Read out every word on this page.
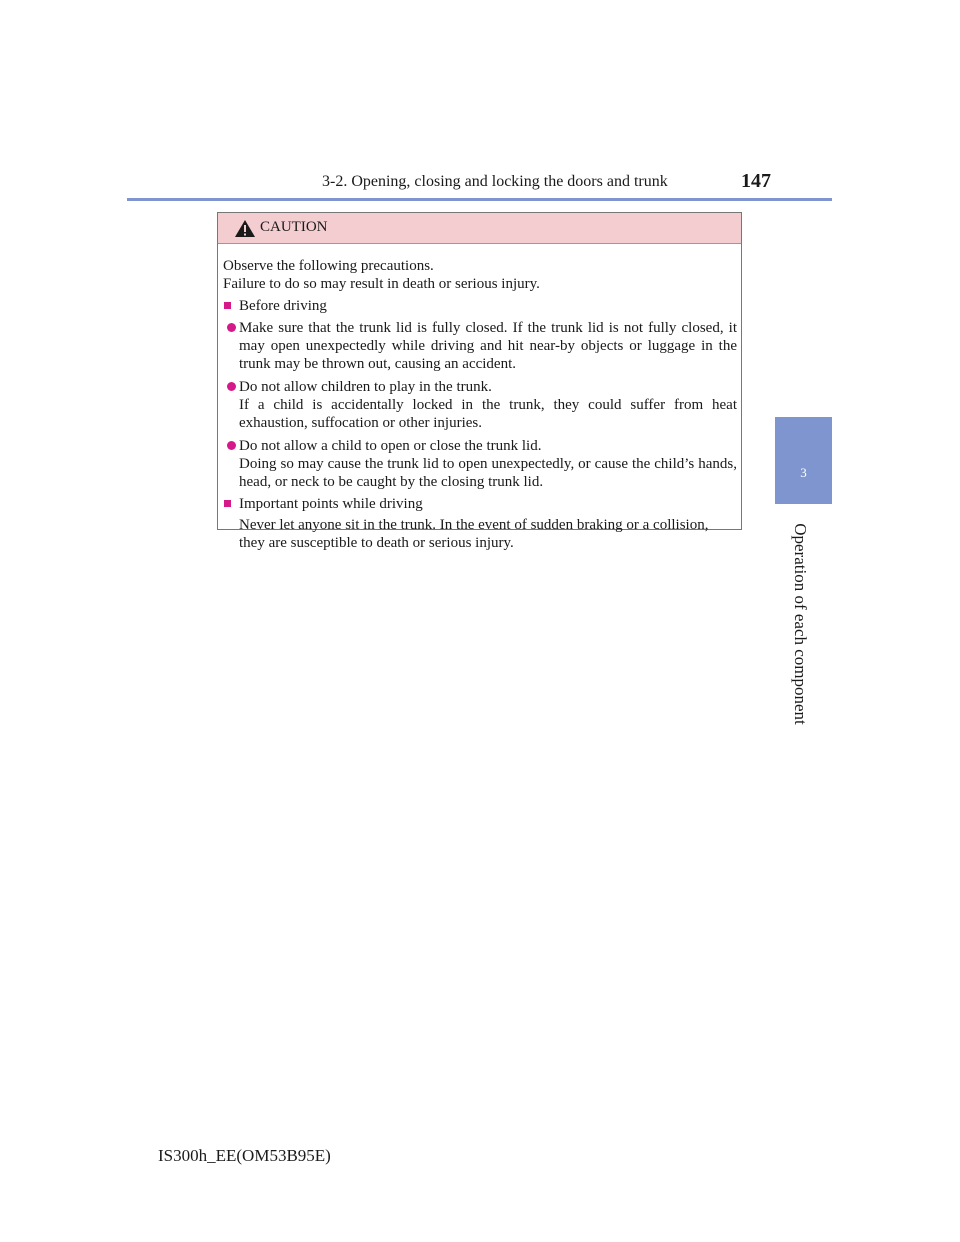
3-2. Opening, closing and locking the doors and trunk	147
3
Operation of each component
CAUTION
Observe the following precautions.
Failure to do so may result in death or serious injury.
Before driving

Make sure that the trunk lid is fully closed. If the trunk lid is not fully closed, it may open unexpectedly while driving and hit near-by objects or luggage in the trunk may be thrown out, causing an accident.

Do not allow children to play in the trunk.

If a child is accidentally locked in the trunk, they could suffer from heat exhaustion, suffocation or other injuries.

Do not allow a child to open or close the trunk lid.

Doing so may cause the trunk lid to open unexpectedly, or cause the child’s hands, head, or neck to be caught by the closing trunk lid.

Important points while driving

Never let anyone sit in the trunk. In the event of sudden braking or a collision, they are susceptible to death or serious injury.

IS300h_EE(OM53B95E)
